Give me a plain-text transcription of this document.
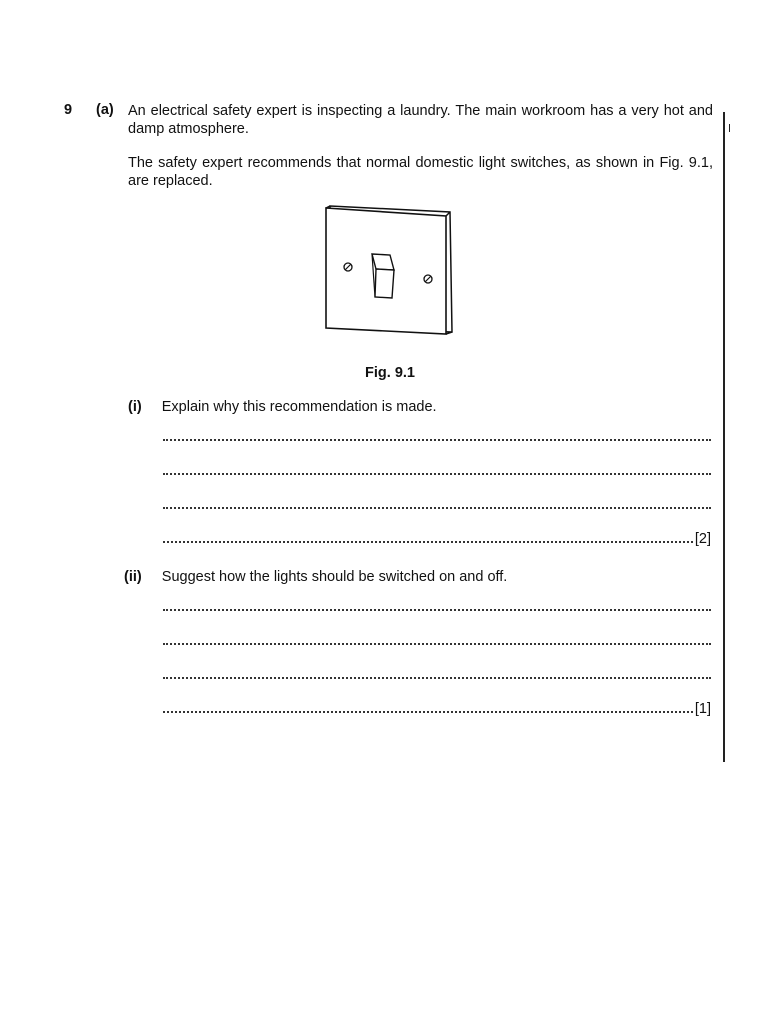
9 (a) An electrical safety expert is inspecting a laundry. The main workroom has a very hot and damp atmosphere.
The safety expert recommends that normal domestic light switches, as shown in Fig. 9.1, are replaced.
Fig. 9.1
(i) Explain why this recommendation is made.
[2]
(ii) Suggest how the lights should be switched on and off.
[1]
